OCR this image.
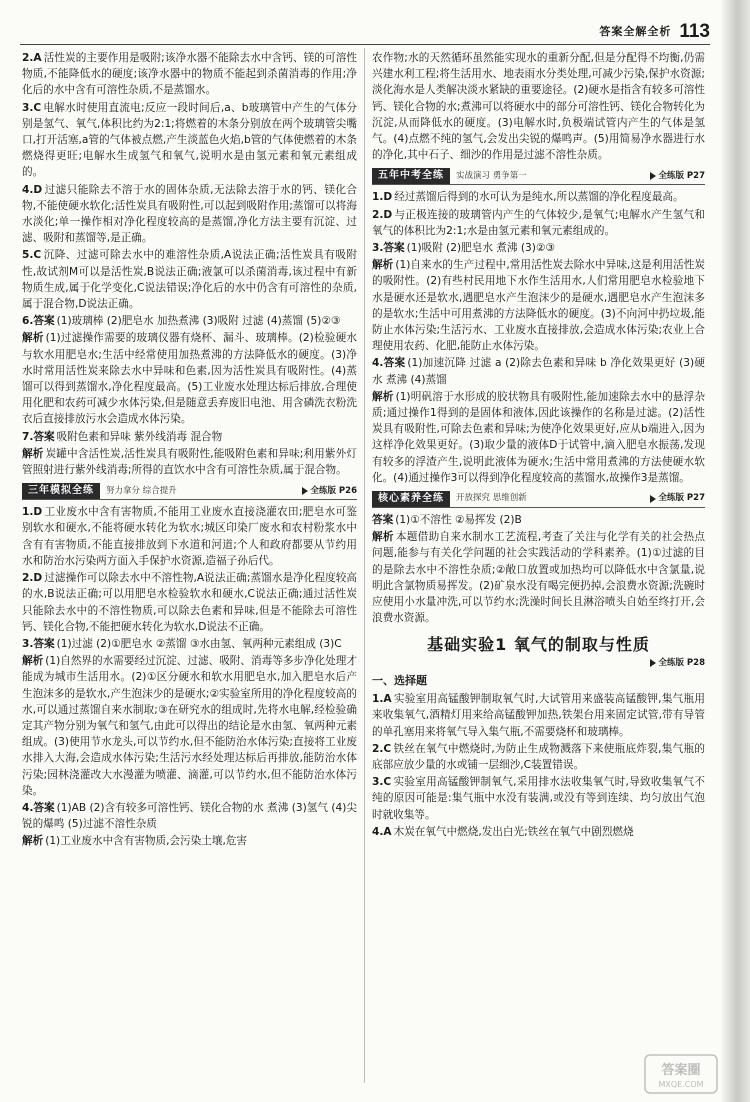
答案全解全析 113
2.A 活性炭的主要作用是吸附;该净水器不能除去水中含钙、镁的可溶性物质,不能降低水的硬度;该净水器中的物质不能起到杀菌消毒的作用;净化后的水中含有可溶性杂质,不是蒸馏水。
3.C 电解水时使用直流电;反应一段时间后,a、b玻璃管中产生的气体分别是氢气、氧气,体积比约为2:1;将燃着的木条分别放在两个玻璃管尖嘴口,打开活塞,a管的气体被点燃,产生淡蓝色火焰,b管的气体使燃着的木条燃烧得更旺;电解水生成氢气和氧气,说明水是由氢元素和氧元素组成的。
4.D 过滤只能除去不溶于水的固体杂质,无法除去溶于水的钙、镁化合物,不能使硬水软化;活性炭具有吸附性,可以起到吸附作用;蒸馏可以将海水淡化;单一操作相对净化程度较高的是蒸馏,净化方法主要有沉淀、过滤、吸附和蒸馏等,是正确。
5.C 沉降、过滤可除去水中的难溶性杂质,A说法正确;活性炭具有吸附性,故试剂M可以是活性炭,B说法正确;液氯可以杀菌消毒,该过程中有新物质生成,属于化学变化,C说法错误;净化后的水中仍含有可溶性的杂质,属于混合物,D说法正确。
6.答案 (1)玻璃棒 (2)肥皂水 加热煮沸 (3)吸附 过滤 (4)蒸馏 (5)②③
解析 (1)过滤操作需要的玻璃仪器有烧杯、漏斗、玻璃棒。(2)检验硬水与软水用肥皂水;生活中经常使用加热煮沸的方法降低水的硬度。(3)净水时常用活性炭来除去水中异味和色素,因为活性炭具有吸附性。(4)蒸馏可以得到蒸馏水,净化程度最高。(5)工业废水处理达标后排放,合理使用化肥和农药可减少水体污染,但是随意丢弃废旧电池、用含磷洗衣粉洗衣后直接排放污水会造成水体污染。
7.答案 吸附色素和异味 紫外线消毒 混合物
解析 炭罐中含活性炭,活性炭具有吸附性,能吸附色素和异味;利用紫外灯管照射进行紫外线消毒;所得的直饮水中含有可溶性杂质,属于混合物。
三年模拟全练	努力拿分 综合提升	全练版 P26
1.D 工业废水中含有害物质,不能用工业废水直接浇灌农田;肥皂水可鉴别软水和硬水,不能将硬水转化为软水;城区印染厂废水和农村粉浆水中含有有害物质,不能直接排放到下水道和河道;个人和政府都要从节约用水和防治水污染两方面入手保护水资源,造福子孙后代。
2.D 过滤操作可以除去水中不溶性物,A说法正确;蒸馏水是净化程度较高的水,B说法正确;可以用肥皂水检验软水和硬水,C说法正确;通过活性炭只能除去水中的不溶性物质,可以除去色素和异味,但是不能除去可溶性钙、镁化合物,不能把硬水转化为软水,D说法不正确。
3.答案 (1)过滤 (2)①肥皂水 ②蒸馏 ③水由氢、氧两种元素组成 (3)C
解析 (1)自然界的水需要经过沉淀、过滤、吸附、消毒等多步净化处理才能成为城市生活用水。(2)①区分硬水和软水用肥皂水,加入肥皂水后产生泡沫多的是软水,产生泡沫少的是硬水;②实验室所用的净化程度较高的水,可以通过蒸馏自来水制取;③在研究水的组成时,先将水电解,经检验确定其产物分别为氧气和氢气,由此可以得出的结论是水由氢、氧两种元素组成。(3)使用节水龙头,可以节约水,但不能防治水体污染;直接将工业废水排入大海,会造成水体污染;生活污水经处理达标后再排放,能防治水体污染;园林浇灌改大水漫灌为喷灌、滴灌,可以节约水,但不能防治水体污染。
4.答案 (1)AB (2)含有较多可溶性钙、镁化合物的水 煮沸 (3)氢气 (4)尖锐的爆鸣 (5)过滤不溶性杂质
解析 (1)工业废水中含有害物质,会污染土壤,危害
农作物;水的天然循环虽然能实现水的重新分配,但是分配得不均衡,仍需兴建水利工程;将生活用水、地表雨水分类处理,可减少污染,保护水资源;淡化海水是人类解决淡水紧缺的重要途径。(2)硬水是指含有较多可溶性钙、镁化合物的水;煮沸可以将硬水中的部分可溶性钙、镁化合物转化为沉淀,从而降低水的硬度。(3)电解水时,负极端试管内产生的气体是氢气。(4)点燃不纯的氢气,会发出尖锐的爆鸣声。(5)用简易净水器进行水的净化,其中石子、细沙的作用是过滤不溶性杂质。
五年中考全练	实战演习 勇争第一	全练版 P27
1.D 经过蒸馏后得到的水可认为是纯水,所以蒸馏的净化程度最高。
2.D 与正极连接的玻璃管内产生的气体较少,是氧气;电解水产生氢气和氧气的体积比为2:1;水是由氢元素和氧元素组成的。
3.答案 (1)吸附 (2)肥皂水 煮沸 (3)②③
解析 (1)自来水的生产过程中,常用活性炭去除水中异味,这是利用活性炭的吸附性。(2)有些村民用地下水作生活用水,人们常用肥皂水检验地下水是硬水还是软水,遇肥皂水产生泡沫少的是硬水,遇肥皂水产生泡沫多的是软水;生活中可用煮沸的方法降低水的硬度。(3)不向河中扔垃圾,能防止水体污染;生活污水、工业废水直接排放,会造成水体污染;农业上合理使用农药、化肥,能防止水体污染。
4.答案 (1)加速沉降 过滤 a (2)除去色素和异味 b 净化效果更好 (3)硬水 煮沸 (4)蒸馏
解析 (1)明矾溶于水形成的胶状物具有吸附性,能加速除去水中的悬浮杂质;通过操作1得到的是固体和液体,因此该操作的名称是过滤。(2)活性炭具有吸附性,可除去色素和异味;为使净化效果更好,应从b端进入,因为这样净化效果更好。(3)取少量的液体D于试管中,滴入肥皂水振荡,发现有较多的浮渣产生,说明此液体为硬水;生活中常用煮沸的方法使硬水软化。(4)通过操作3可以得到净化程度较高的蒸馏水,故操作3是蒸馏。
核心素养全练	开放探究 思维创新	全练版 P27
答案 (1)①不溶性 ②易挥发 (2)B
解析 本题借助自来水制水工艺流程,考查了关注与化学有关的社会热点问题,能参与有关化学问题的社会实践活动的学科素养。(1)①过滤的目的是除去水中不溶性杂质;②敞口放置或加热均可以降低水中含氯量,说明此含氯物质易挥发。(2)矿泉水没有喝完便扔掉,会浪费水资源;洗碗时应使用小水量冲洗,可以节约水;洗澡时间长且淋浴喷头自始至终打开,会浪费水资源。
基础实验1 氧气的制取与性质
全练版 P28
一、选择题
1.A 实验室用高锰酸钾制取氧气时,大试管用来盛装高锰酸钾,集气瓶用来收集氧气,酒精灯用来给高锰酸钾加热,铁架台用来固定试管,带有导管的单孔塞用来将氧气导入集气瓶,不需要烧杯和玻璃棒。
2.C 铁丝在氧气中燃烧时,为防止生成物溅落下来使瓶底炸裂,集气瓶的底部应放少量的水或铺一层细沙,C装置错误。
3.C 实验室用高锰酸钾制氧气,采用排水法收集氧气时,导致收集氧气不纯的原因可能是:集气瓶中水没有装满,或没有等到连续、均匀放出气泡时就收集等。
4.A 木炭在氧气中燃烧,发出白光;铁丝在氧气中剧烈燃烧
答案圈
MXQE.COM
